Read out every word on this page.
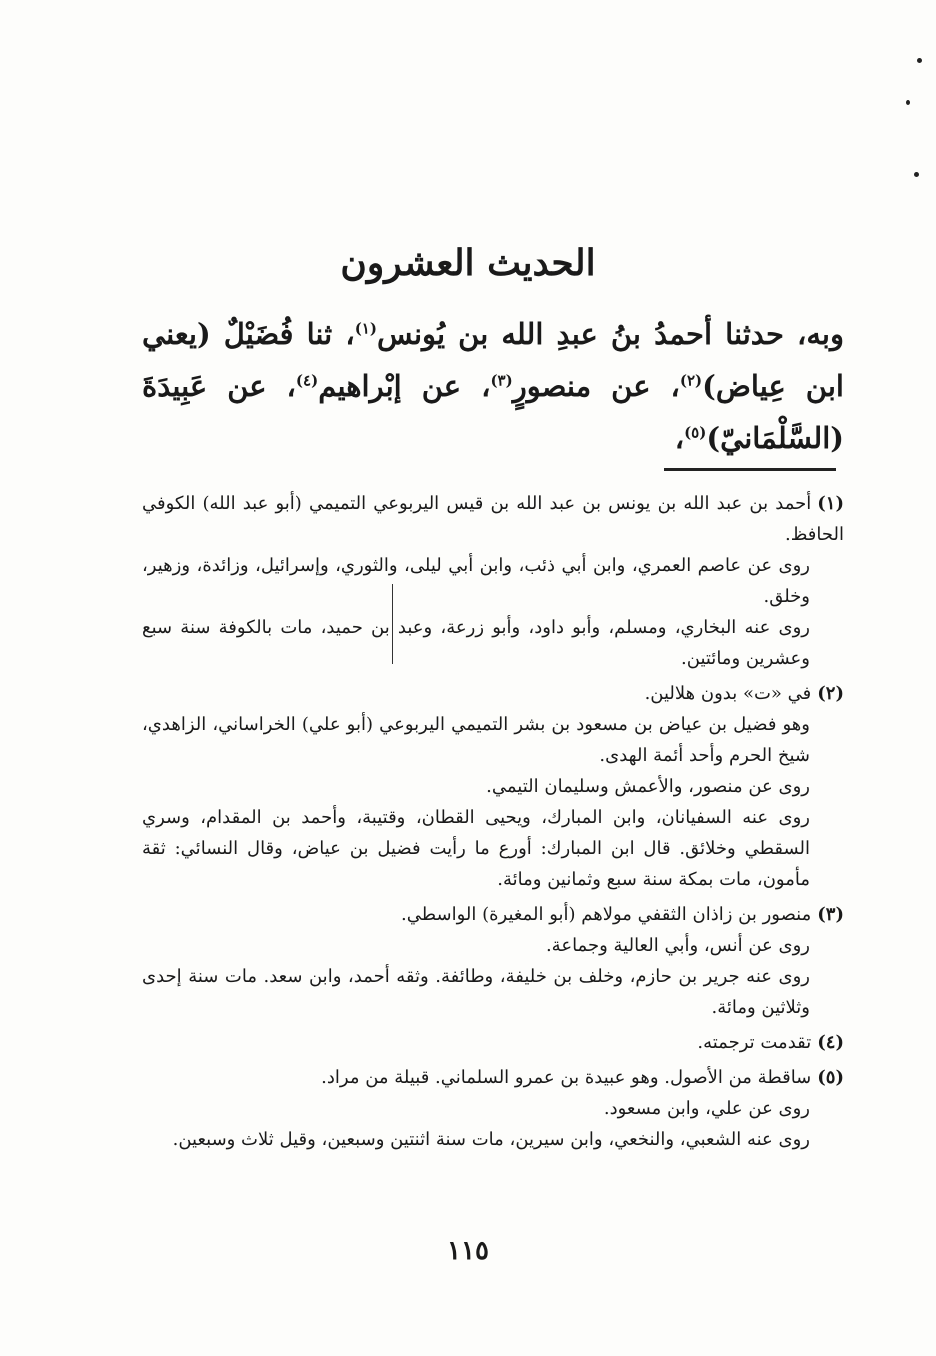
الحديث العشرون
وبه، حدثنا أحمدُ بنُ عبدِ الله بن يُونس$^{(١)}$، ثنا فُضَيْلٌ (يعني ابن عِياض)$^{(٢)}$، عن منصورٍ$^{(٣)}$، عن إبْراهيم$^{(٤)}$، عن عَبِيدَةَ (السَّلْمَانيّ)$^{(٥)}$،
(١)أحمد بن عبد الله بن يونس بن عبد الله بن قيس اليربوعي التميمي (أبو عبد الله) الكوفي الحافظ.
روى عن عاصم العمري، وابن أبي ذئب، وابن أبي ليلى، والثوري، وإسرائيل، وزائدة، وزهير، وخلق.
روى عنه البخاري، ومسلم، وأبو داود، وأبو زرعة، وعبد بن حميد، مات بالكوفة سنة سبع وعشرين ومائتين.
(٢)في «ت» بدون هلالين.
وهو فضيل بن عياض بن مسعود بن بشر التميمي اليربوعي (أبو علي) الخراساني، الزاهدي، شيخ الحرم وأحد أئمة الهدى.
روى عن منصور، والأعمش وسليمان التيمي.
روى عنه السفيانان، وابن المبارك، ويحيى القطان، وقتيبة، وأحمد بن المقدام، وسري السقطي وخلائق. قال ابن المبارك: أورع ما رأيت فضيل بن عياض، وقال النسائي: ثقة مأمون، مات بمكة سنة سبع وثمانين ومائة.
(٣)منصور بن زاذان الثقفي مولاهم (أبو المغيرة) الواسطي.
روى عن أنس، وأبي العالية وجماعة.
روى عنه جرير بن حازم، وخلف بن خليفة، وطائفة. وثقه أحمد، وابن سعد. مات سنة إحدى وثلاثين ومائة.
(٤)تقدمت ترجمته.
(٥)ساقطة من الأصول. وهو عبيدة بن عمرو السلماني. قبيلة من مراد.
روى عن علي، وابن مسعود.
روى عنه الشعبي، والنخعي، وابن سيرين، مات سنة اثنتين وسبعين، وقيل ثلاث وسبعين.
١١٥
